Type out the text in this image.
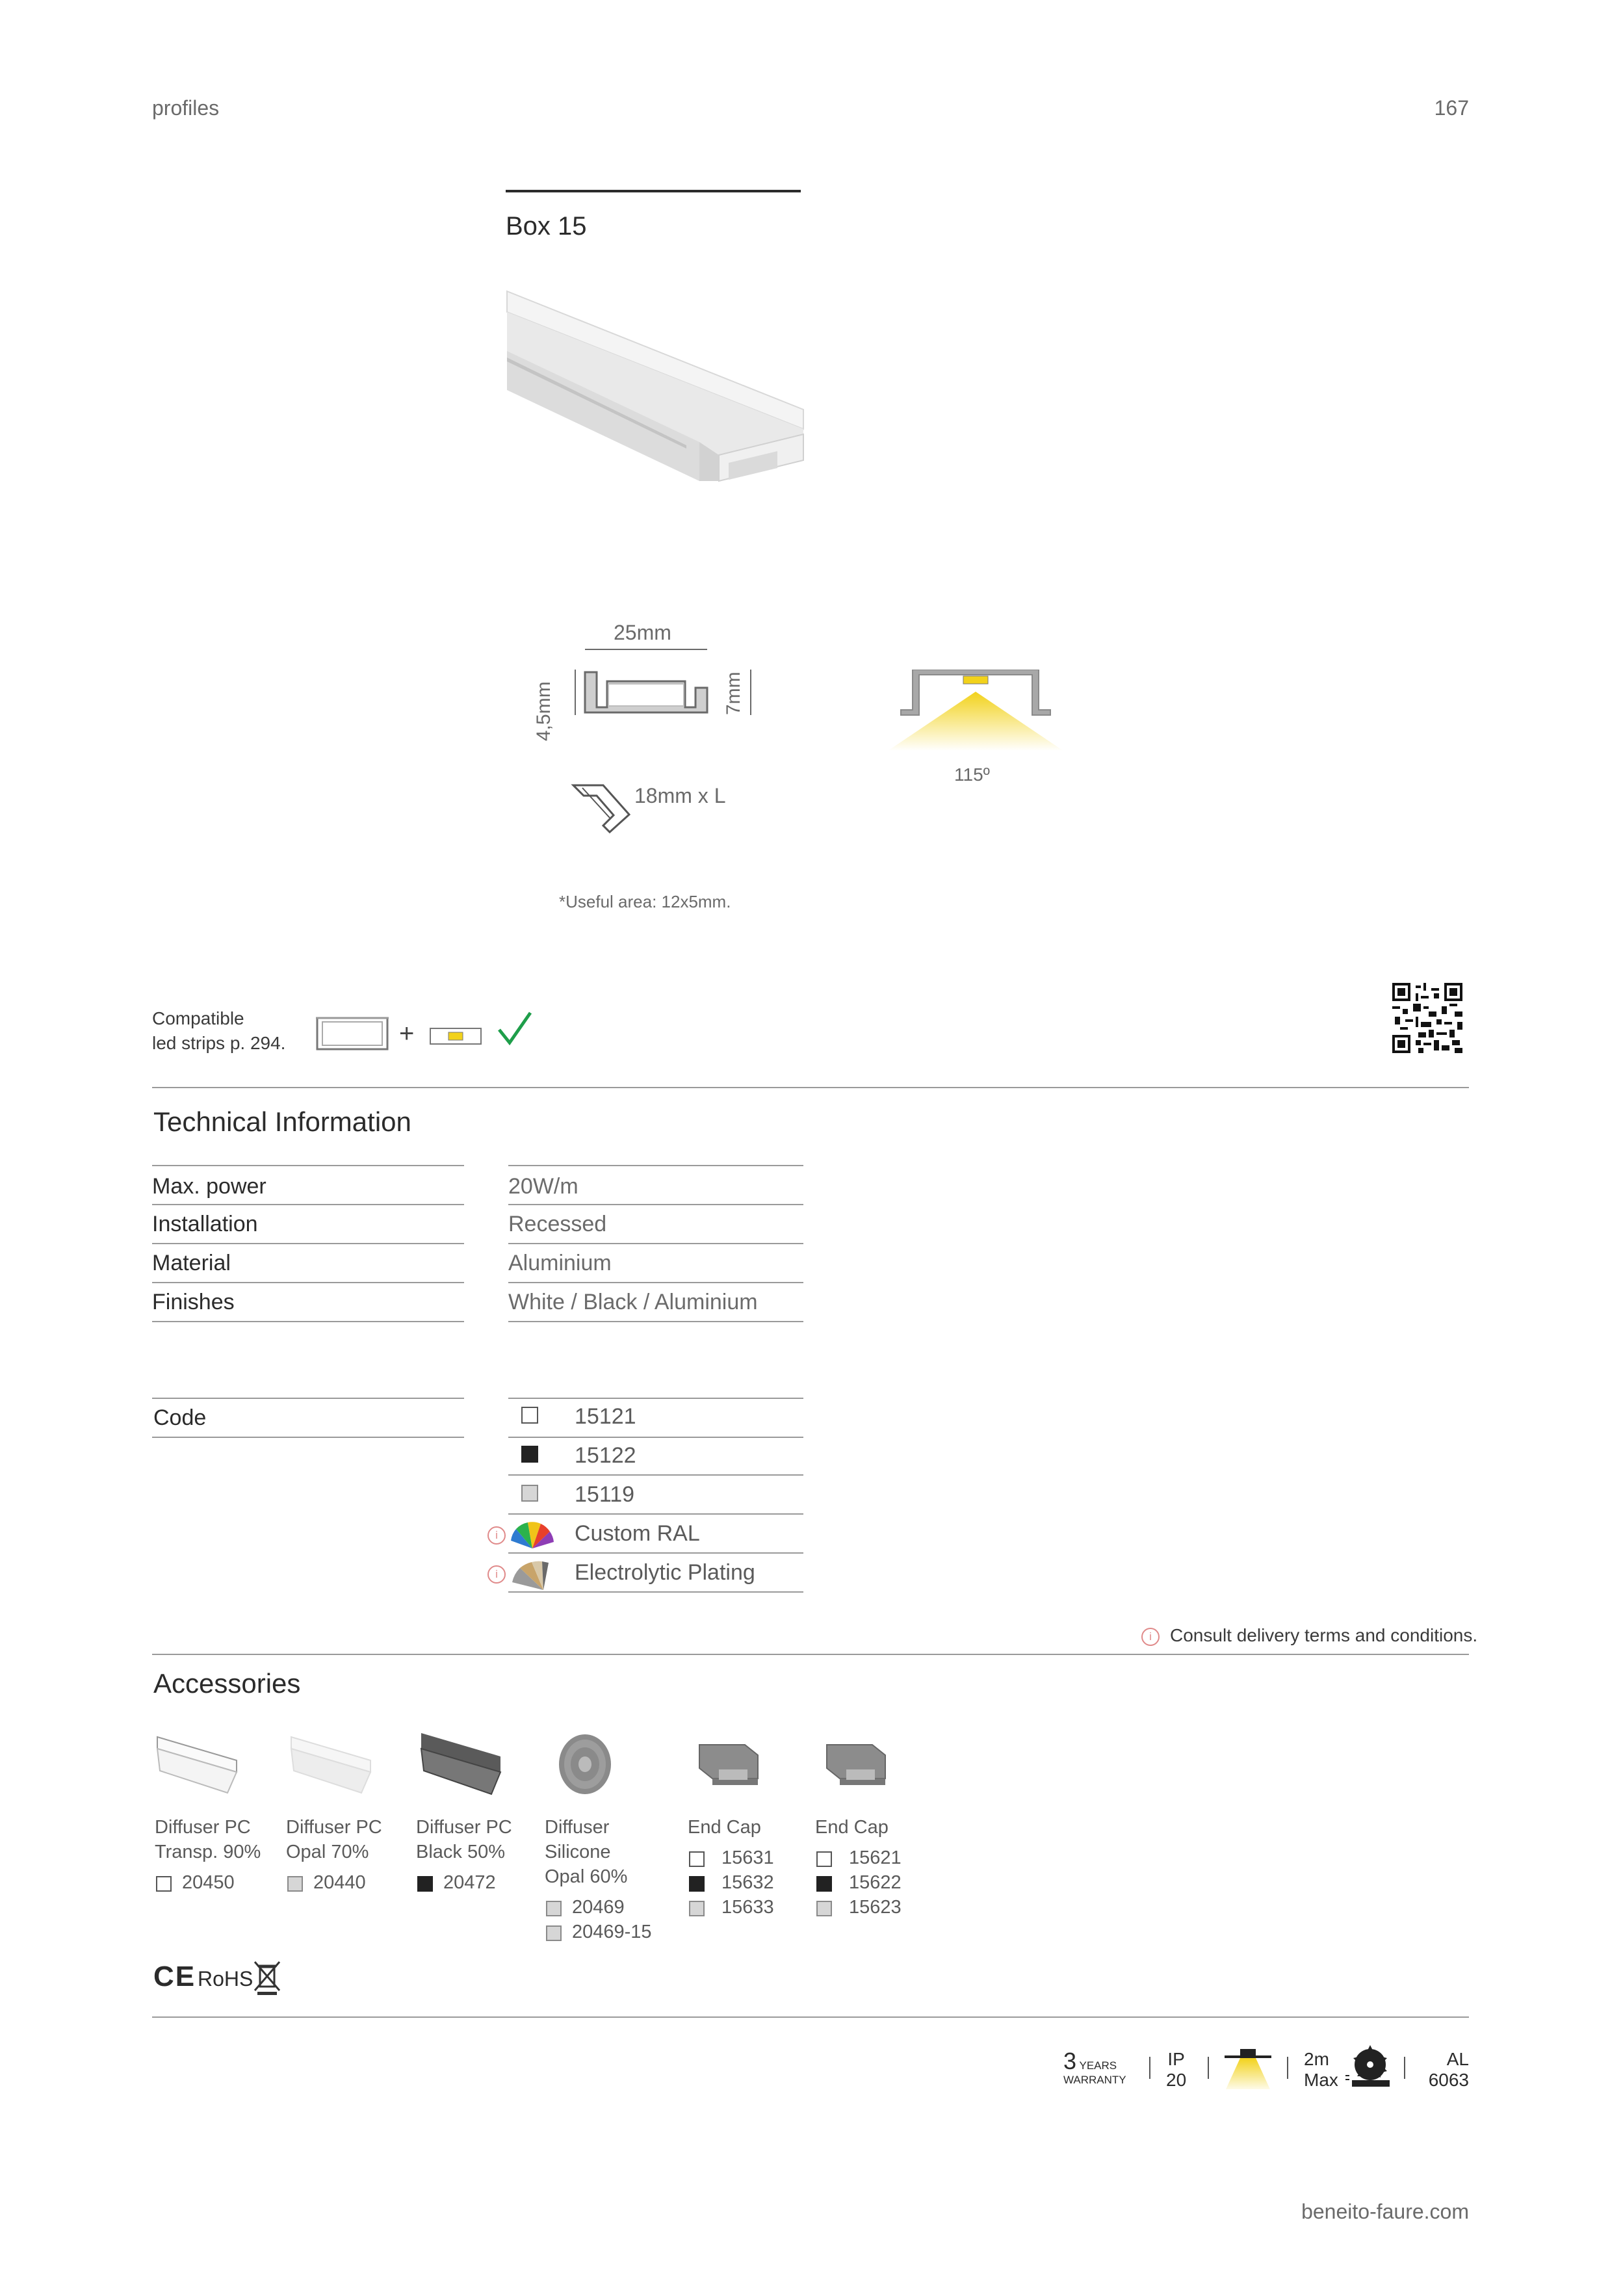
profiles	167
Box 15
25mm
4,5mm	7mm
18mm x L
115º
*Useful area: 12x5mm.
Compatible
led strips p. 294.	+
Technical Information
Max. power	20W/m
Installation	Recessed
Material	Aluminium
Finishes	White / Black / Aluminium
Code	15121
15122
15119
i	Custom RAL
i	Electrolytic Plating
i	Consult delivery terms and conditions.
Accessories
Diffuser PC
Transp. 90%
20450
Diffuser PC
Opal 70%
20440
Diffuser PC
Black 50%
20472
Diffuser
Silicone
Opal 60%
20469
20469-15
End Cap
15631
15632
15633
End Cap
15621
15622
15623
CE RoHS
3 YEARS
WARRANTY
IP
20
2m
Max
AL
6063
beneito-faure.com
